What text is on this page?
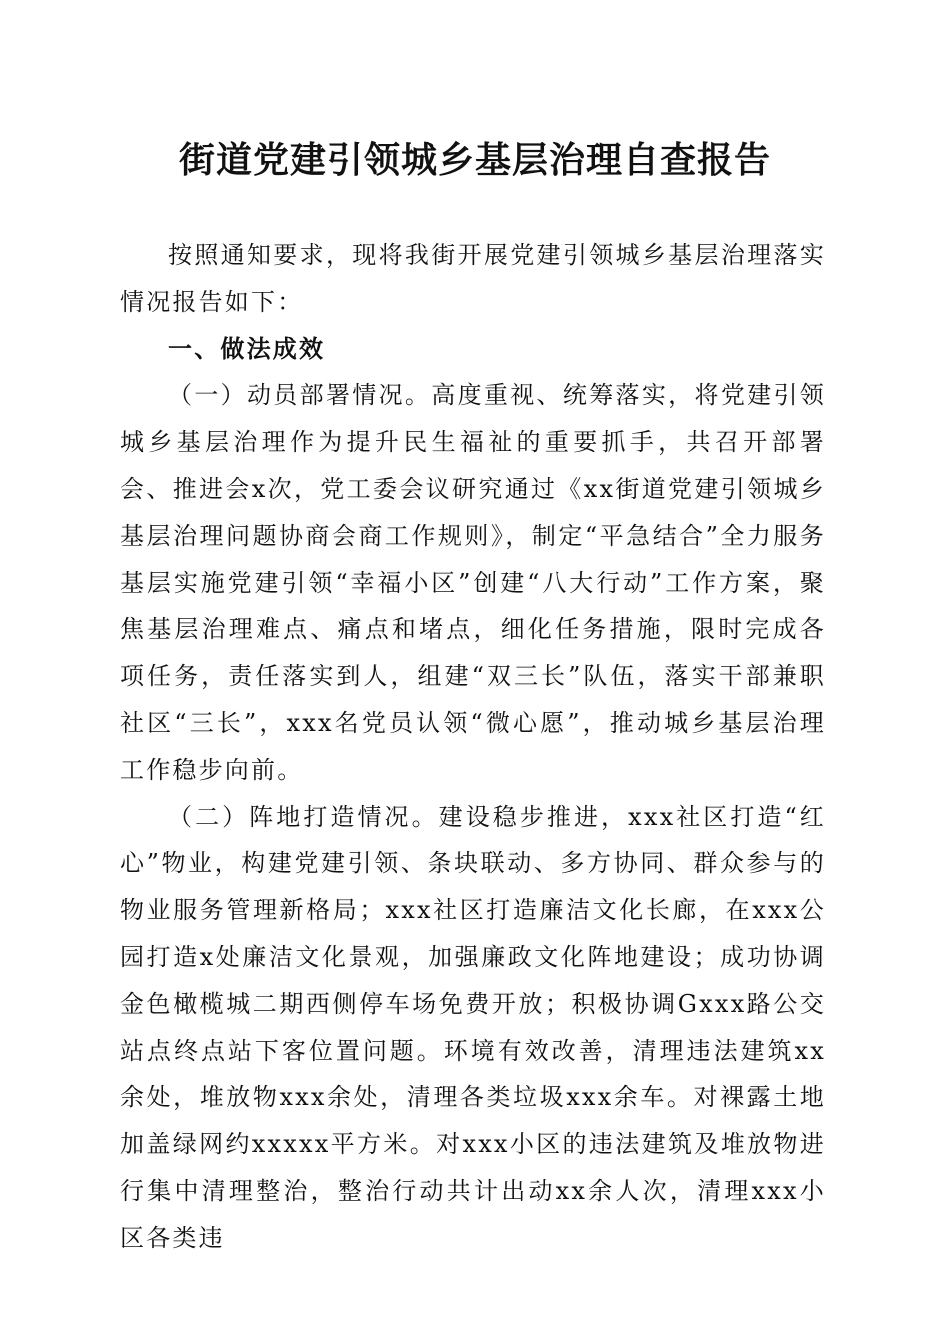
街道党建引领城乡基层治理自查报告

按照通知要求，现将我街开展党建引领城乡基层治理落实情况报告如下：

一、做法成效

（一）动员部署情况。高度重视、统筹落实，将党建引领城乡基层治理作为提升民生福祉的重要抓手，共召开部署会、推进会x次，党工委会议研究通过《xx街道党建引领城乡基层治理问题协商会商工作规则》，制定“平急结合”全力服务基层实施党建引领“幸福小区”创建“八大行动”工作方案，聚焦基层治理难点、痛点和堵点，细化任务措施，限时完成各项任务，责任落实到人，组建“双三长”队伍，落实干部兼职社区“三长”，xxx名党员认领“微心愿”，推动城乡基层治理工作稳步向前。

（二）阵地打造情况。建设稳步推进，xxx社区打造“红心”物业，构建党建引领、条块联动、多方协同、群众参与的物业服务管理新格局；xxx社区打造廉洁文化长廊，在xxx公园打造x处廉洁文化景观，加强廉政文化阵地建设；成功协调金色橄榄城二期西侧停车场免费开放；积极协调Gxxx路公交站点终点站下客位置问题。环境有效改善，清理违法建筑xx余处，堆放物xxx余处，清理各类垃圾xxx余车。对裸露土地加盖绿网约xxxxx平方米。对xxx小区的违法建筑及堆放物进行集中清理整治，整治行动共计出动xx余人次，清理xxx小区各类违
